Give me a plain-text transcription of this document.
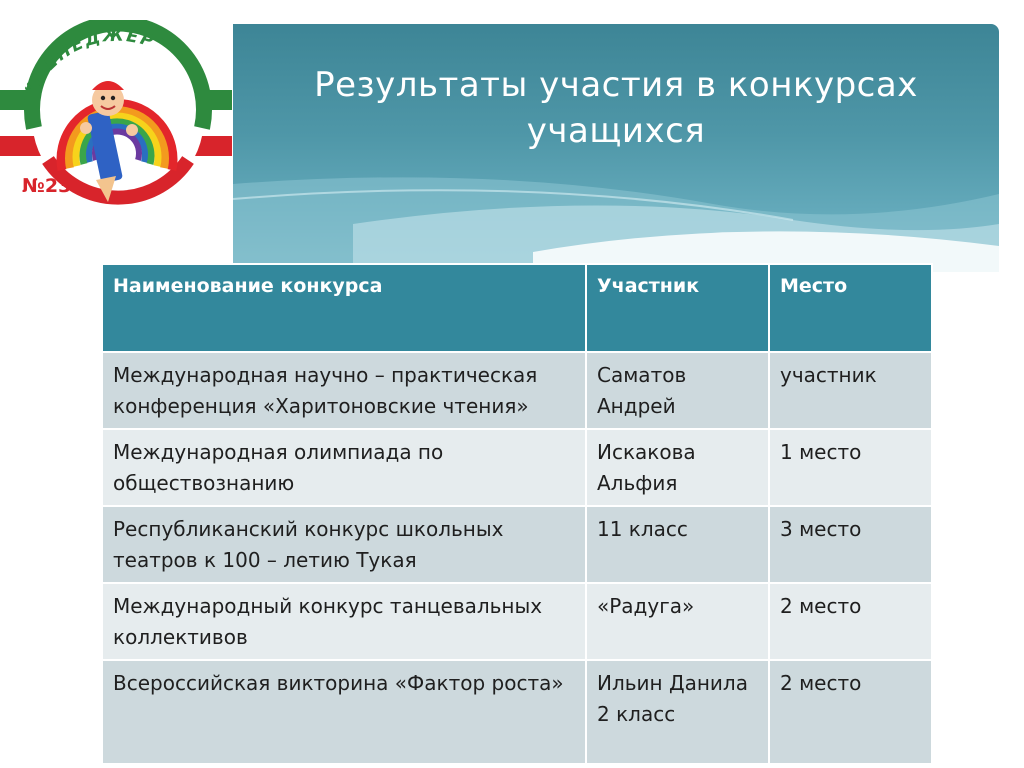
“МЕНЕДЖЕР”
№23
Результаты участия в конкурсах
учащихся
Наименование конкурса	Участник	Место
Международная научно – практическая конференция «Харитоновские чтения»	Саматов Андрей	участник
Международная олимпиада по обществознанию	Искакова Альфия	1 место
Республиканский конкурс школьных театров к 100 – летию Тукая	11 класс	3 место
Международный конкурс танцевальных коллективов	«Радуга»	2 место
Всероссийская викторина «Фактор роста»	Ильин Данила 2 класс	2 место
